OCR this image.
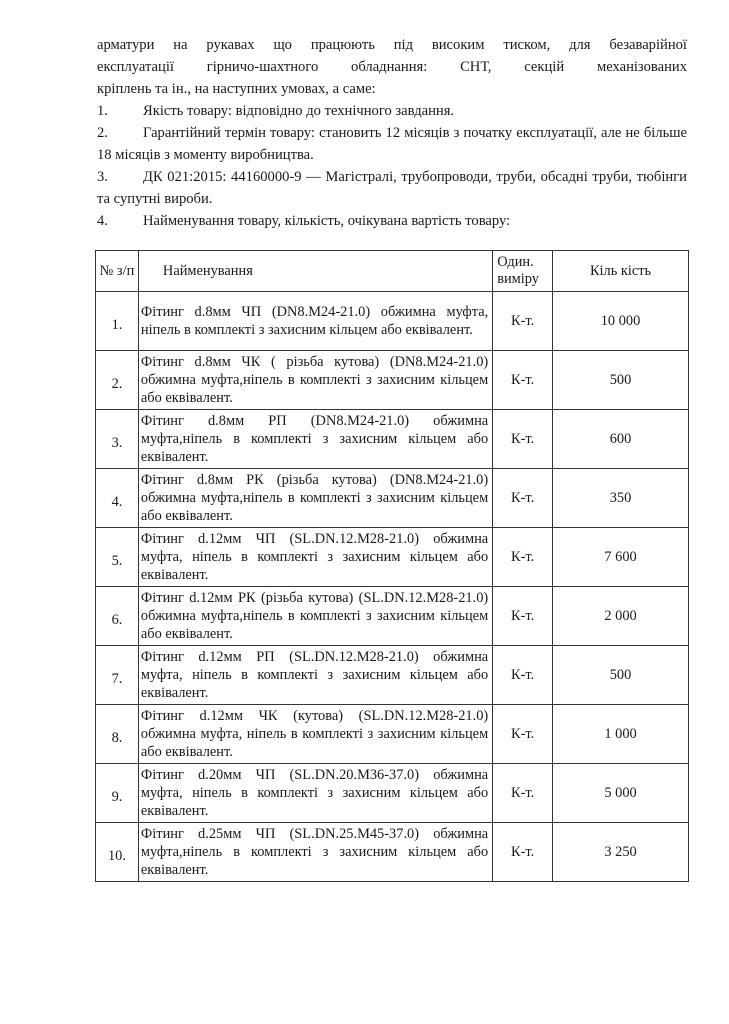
арматури на рукавах що працюють під високим тиском, для безаварійної

експлуатації гірничо-шахтного обладнання: СНТ, секцій механізованих

кріплень та ін., на наступних умовах, а саме:

1.	Якість товару: відповідно до технічного завдання.

2. Гарантійний термін товару: становить 12 місяців з початку експлуатації, але не більше 18 місяців з моменту виробництва.

3. ДК 021:2015: 44160000-9 — Магістралі, трубопроводи, труби, обсадні труби, тюбінги та супутні вироби.

4.	Найменування товару, кількість, очікувана вартість товару:

№ з/п	Найменування	Один. виміру	Кіль кість
1.	Фітинг d.8мм ЧП (DN8.M24-21.0) обжимна муфта, ніпель в комплекті з захисним кільцем або еквівалент.	К-т.	10 000
2.	Фітинг d.8мм ЧК ( різьба кутова) (DN8.M24-21.0) обжимна муфта,ніпель в комплекті з захисним кільцем або еквівалент.	К-т.	500
3.	Фітинг d.8мм РП (DN8.M24-21.0) обжимна муфта,ніпель в комплекті з захисним кільцем або еквівалент.	К-т.	600
4.	Фітинг d.8мм РК (різьба кутова) (DN8.M24-21.0) обжимна муфта,ніпель в комплекті з захисним кільцем або еквівалент.	К-т.	350
5.	Фітинг d.12мм ЧП (SL.DN.12.M28-21.0) обжимна муфта, ніпель в комплекті з захисним кільцем або еквівалент.	К-т.	7 600
6.	Фітинг d.12мм РК (різьба кутова) (SL.DN.12.M28-21.0) обжимна муфта,ніпель в комплекті з захисним кільцем або еквівалент.	К-т.	2 000
7.	Фітинг d.12мм РП (SL.DN.12.M28-21.0) обжимна муфта, ніпель в комплекті з захисним кільцем або еквівалент.	К-т.	500
8.	Фітинг d.12мм ЧК (кутова) (SL.DN.12.M28-21.0) обжимна муфта, ніпель в комплекті з захисним кільцем або еквівалент.	К-т.	1 000
9.	Фітинг d.20мм ЧП (SL.DN.20.M36-37.0) обжимна муфта, ніпель в комплекті з захисним кільцем або еквівалент.	К-т.	5 000
10.	Фітинг d.25мм ЧП (SL.DN.25.M45-37.0) обжимна муфта,ніпель в комплекті з захисним кільцем або еквівалент.	К-т.	3 250
